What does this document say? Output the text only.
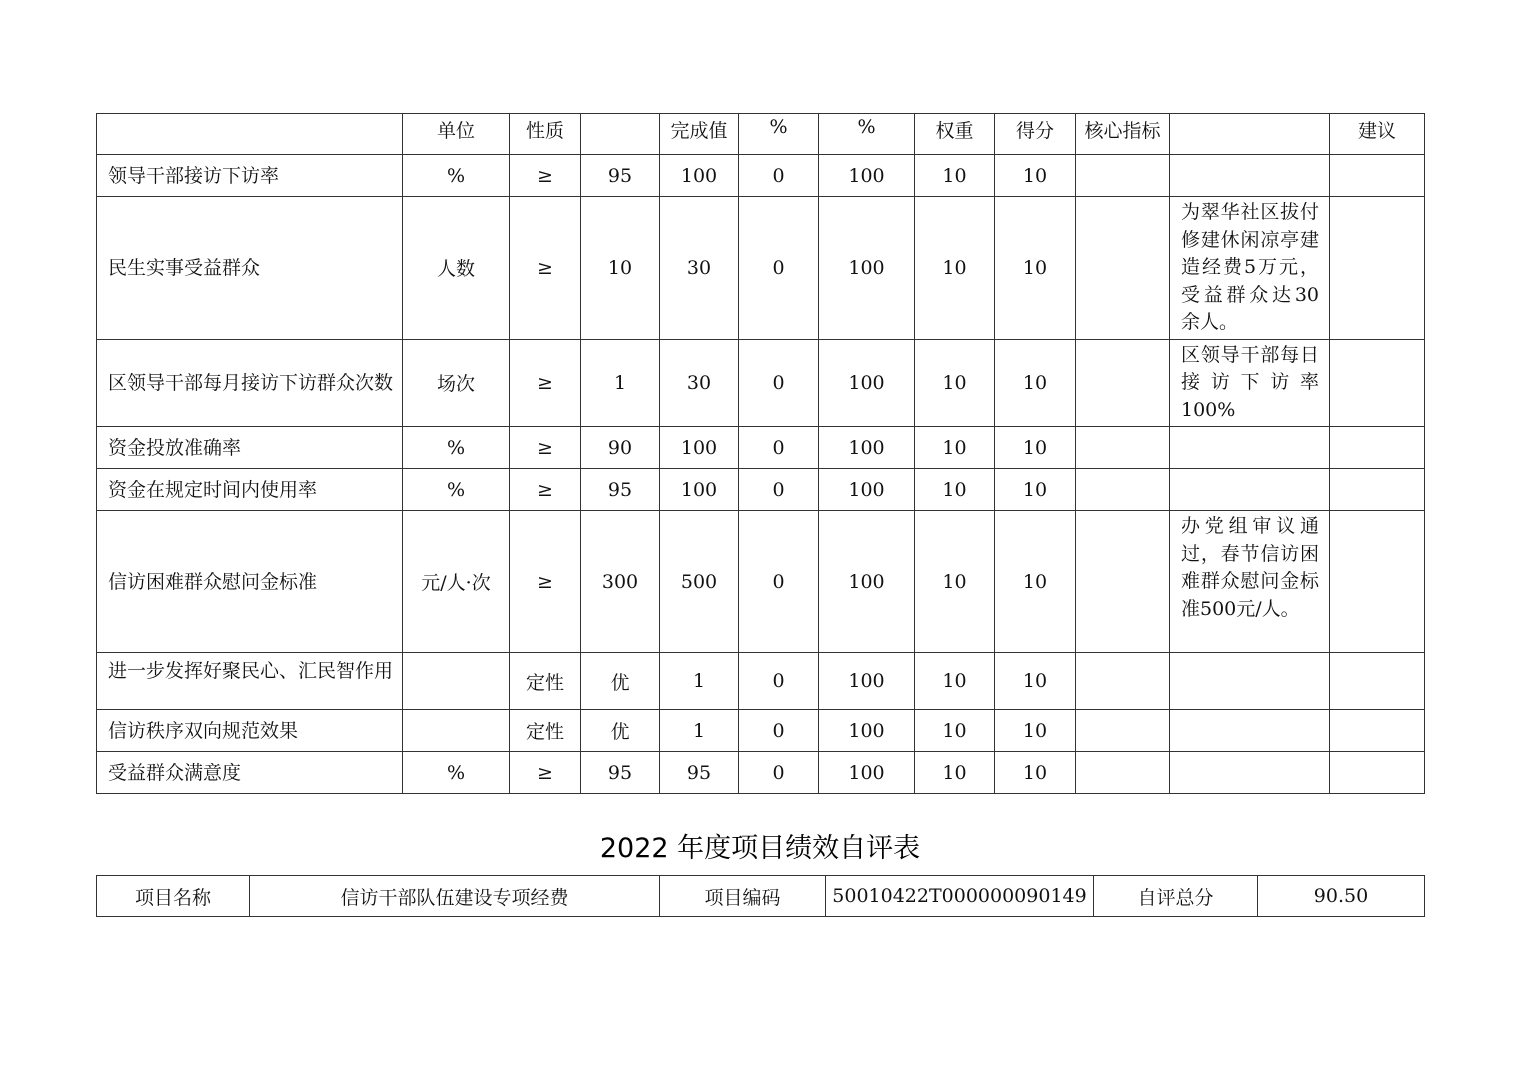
	单位	性质		完成值	%	%	权重	得分	核心指标		建议
领导干部接访下访率	%	≥	95	100	0	100	10	10			
民生实事受益群众	人数	≥	10	30	0	100	10	10		为翠华社区拔付修建休闲凉亭建造经费5万元，受益群众达30余人。	
区领导干部每月接访下访群众次数	场次	≥	1	30	0	100	10	10		区领导干部每日接访下访率100%	
资金投放准确率	%	≥	90	100	0	100	10	10			
资金在规定时间内使用率	%	≥	95	100	0	100	10	10			
信访困难群众慰问金标准	元/人·次	≥	300	500	0	100	10	10		办党组审议通过，春节信访困难群众慰问金标准500元/人。	
进一步发挥好聚民心、汇民智作用		定性	优	1	0	100	10	10			
信访秩序双向规范效果		定性	优	1	0	100	10	10			
受益群众满意度	%	≥	95	95	0	100	10	10			
2022 年度项目绩效自评表
项目名称	信访干部队伍建设专项经费	项目编码	50010422T000000090149	自评总分	90.50
